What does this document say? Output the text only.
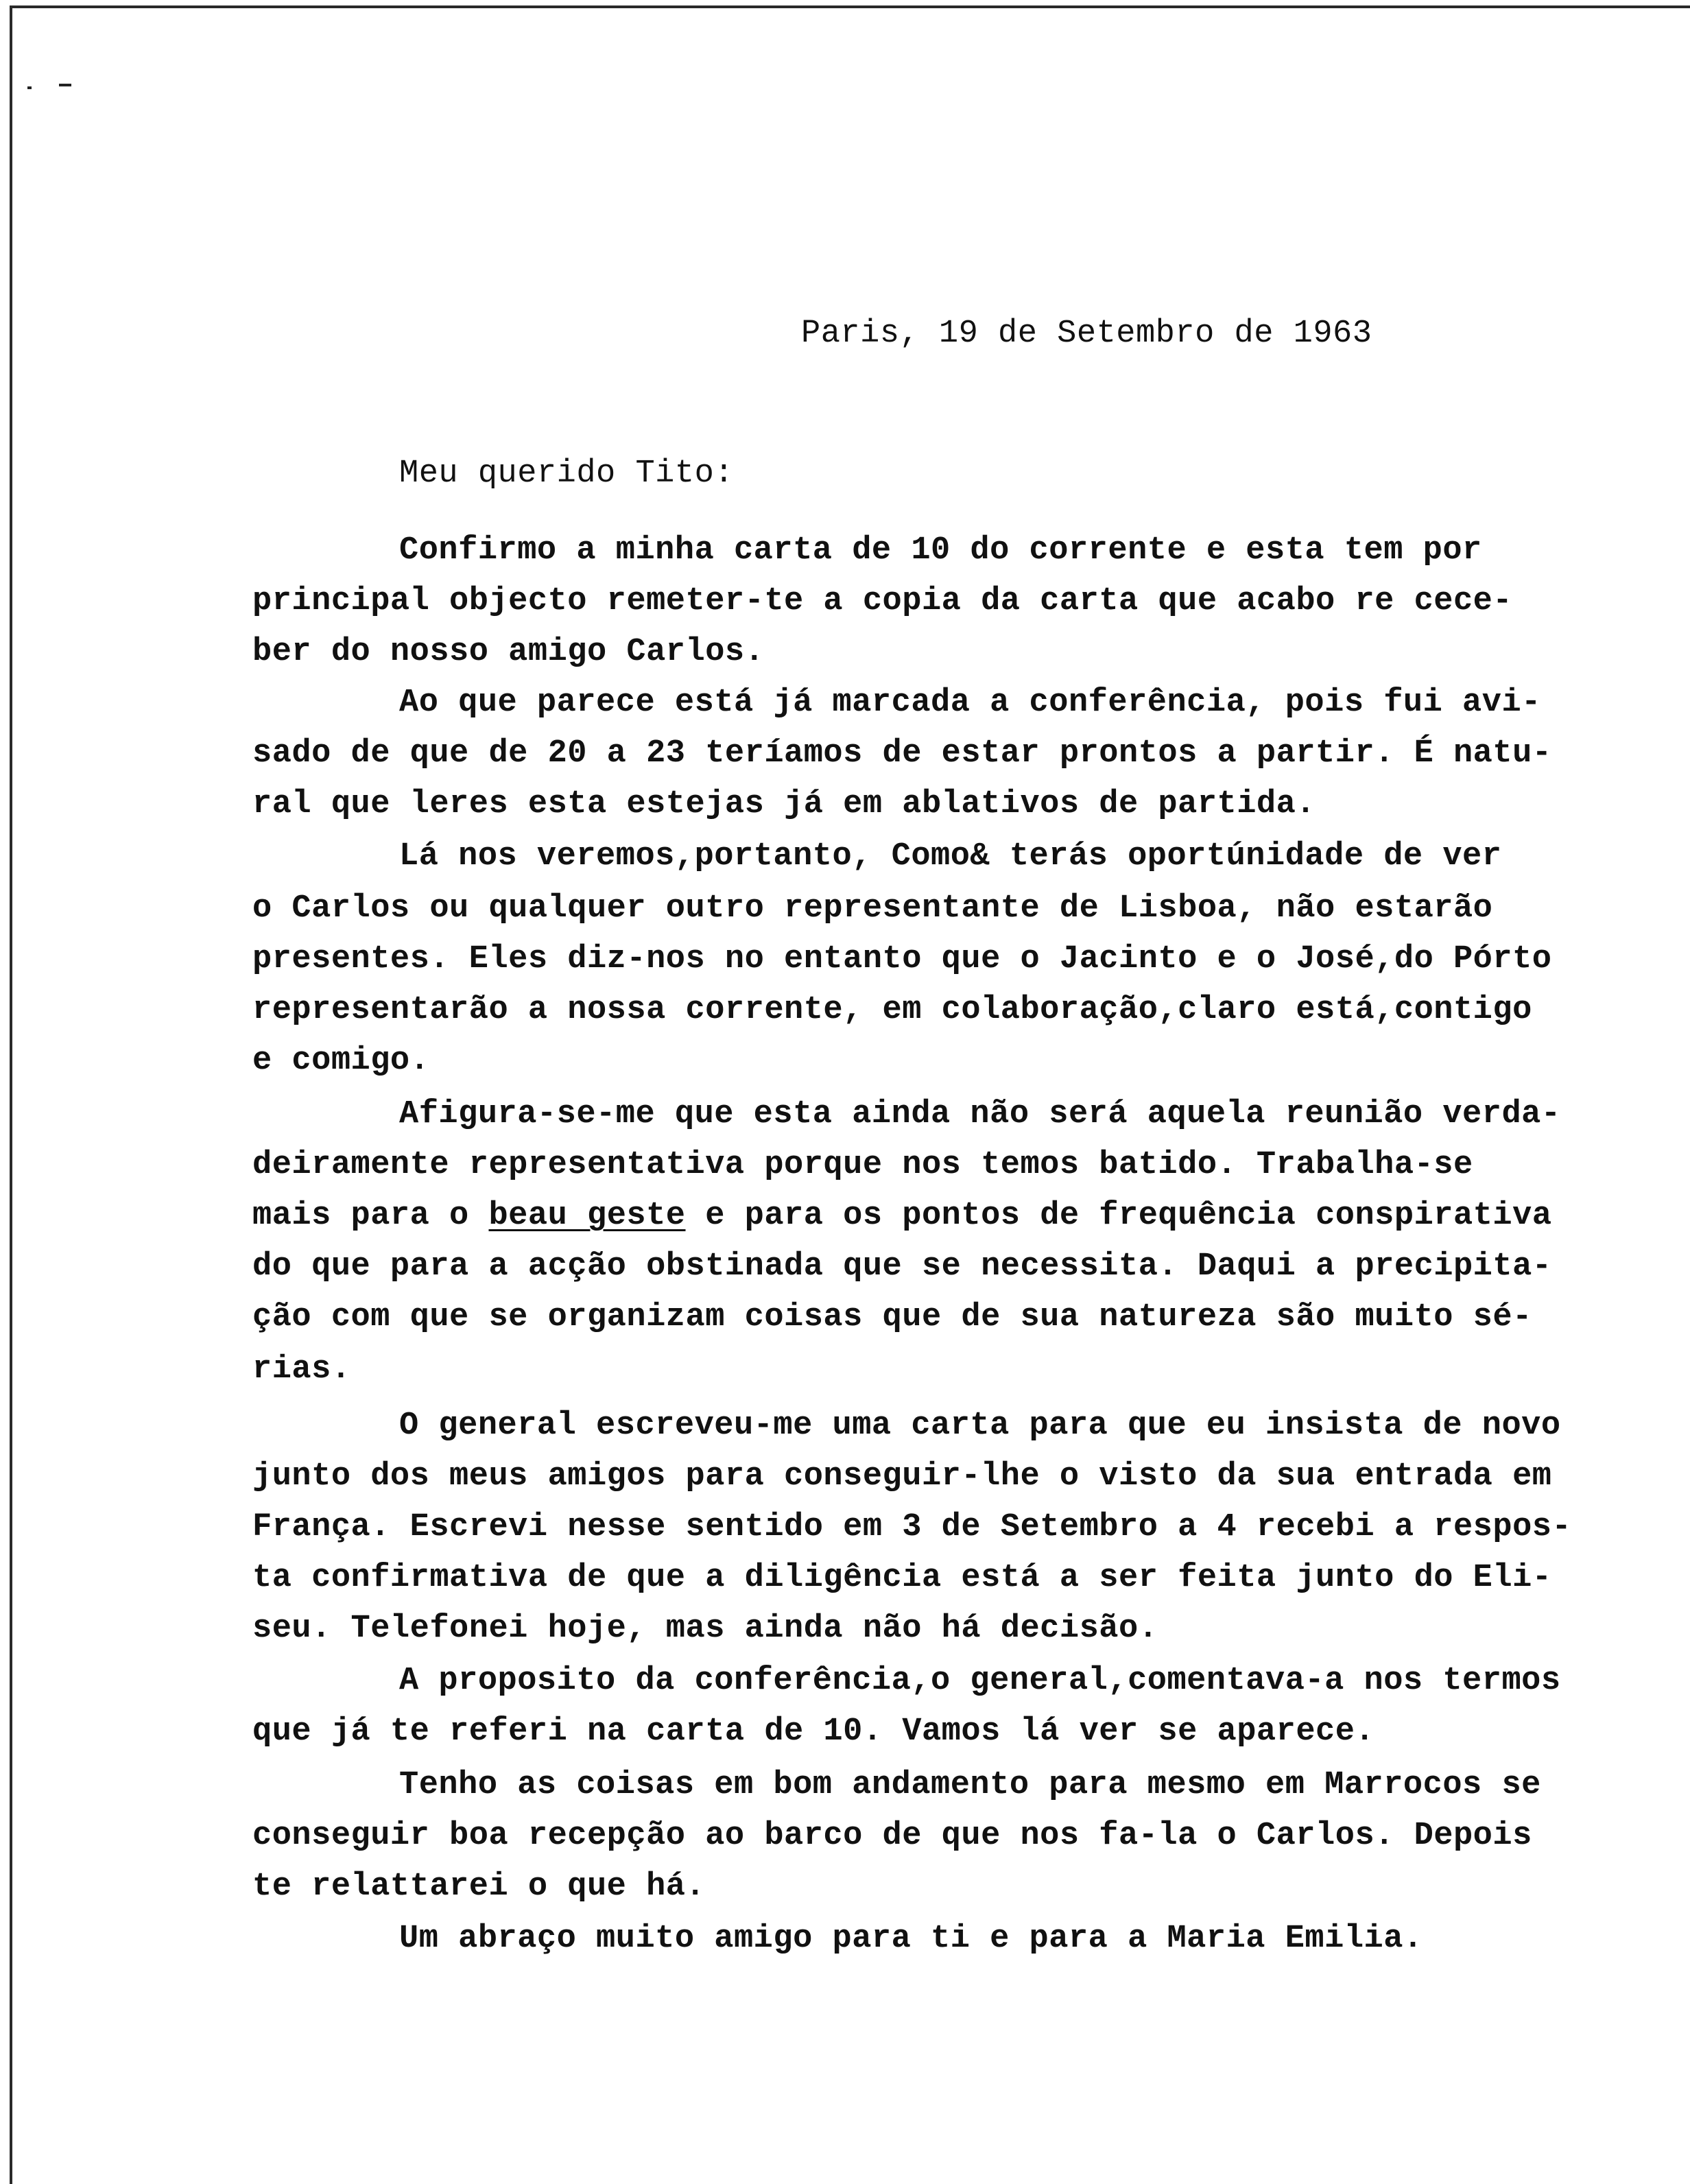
Paris, 19 de Setembro de 1963
Meu querido Tito:
Confirmo a minha carta de 10 do corrente e esta tem por
principal objecto remeter-te a copia da carta que acabo re cece-
ber do nosso amigo Carlos.
Ao que parece está já marcada a conferência, pois fui avi-
sado de que de 20 a 23 teríamos de estar prontos a partir. É natu-
ral que leres esta estejas já em ablativos de partida.
Lá nos veremos,portanto, Como& terás oportúnidade de ver
o Carlos ou qualquer outro representante de Lisboa, não estarão
presentes. Eles diz-nos no entanto que o Jacinto e o José,do Pórto
representarão a nossa corrente, em colaboração,claro está,contigo
e comigo.
Afigura-se-me que esta ainda não será aquela reunião verda-
deiramente representativa porque nos temos batido. Trabalha-se
mais para o beau geste e para os pontos de frequência conspirativa
do que para a acção obstinada que se necessita. Daqui a precipita-
ção com que se organizam coisas que de sua natureza são muito sé-
rias.
O general escreveu-me uma carta para que eu insista de novo
junto dos meus amigos para conseguir-lhe o visto da sua entrada em
França. Escrevi nesse sentido em 3 de Setembro a 4 recebi a respos-
ta confirmativa de que a diligência está a ser feita junto do Eli-
seu. Telefonei hoje, mas ainda não há decisão.
A proposito da conferência,o general,comentava-a nos termos
que já te referi na carta de 10. Vamos lá ver se aparece.
Tenho as coisas em bom andamento para mesmo em Marrocos se
conseguir boa recepção ao barco de que nos fa-la o Carlos. Depois
te relattarei o que há.
Um abraço muito amigo para ti e para a Maria Emilia.
